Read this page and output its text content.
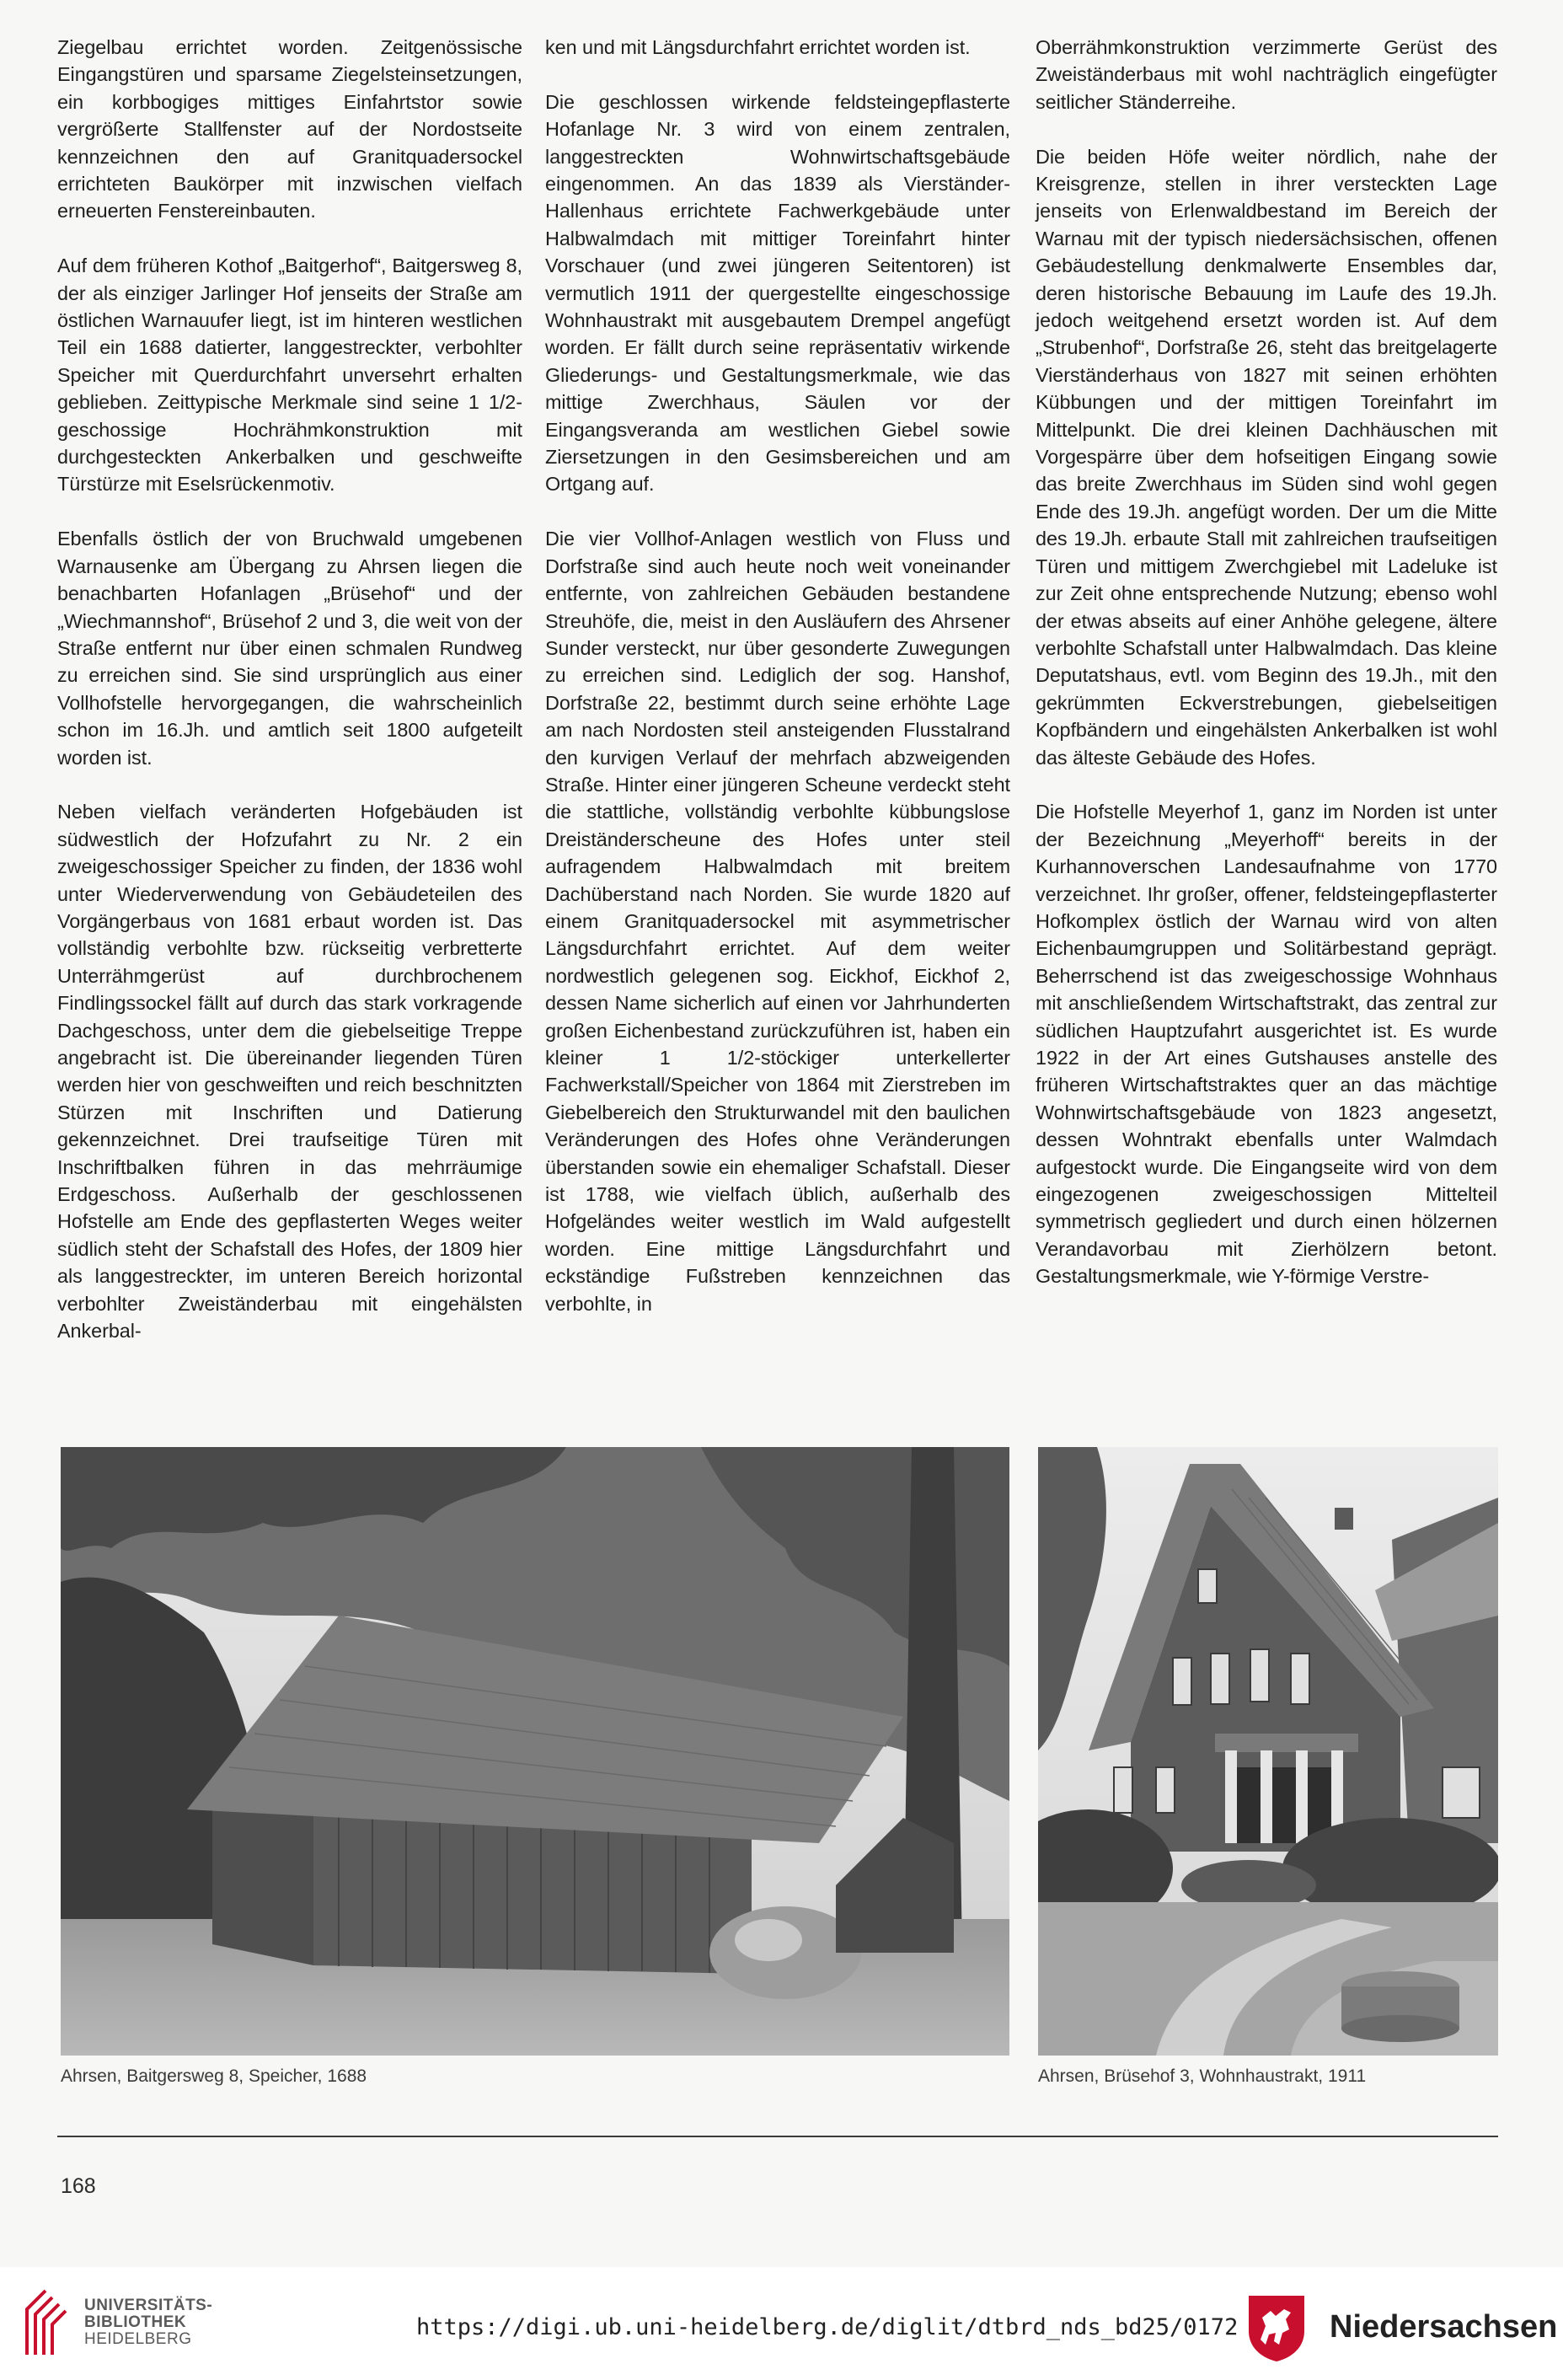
Ziegelbau errichtet worden. Zeitgenössische Eingangstüren und sparsame Ziegelsteinsetzungen, ein korbbogiges mittiges Einfahrtstor sowie vergrößerte Stallfenster auf der Nordostseite kennzeichnen den auf Granitquadersockel errichteten Baukörper mit inzwischen vielfach erneuerten Fenstereinbauten.

Auf dem früheren Kothof „Baitgerhof“, Baitgersweg 8, der als einziger Jarlinger Hof jenseits der Straße am östlichen Warnauufer liegt, ist im hinteren westlichen Teil ein 1688 datierter, langgestreckter, verbohlter Speicher mit Querdurchfahrt unversehrt erhalten geblieben. Zeittypische Merkmale sind seine 1 1/2-geschossige Hochrähmkonstruktion mit durchgesteckten Ankerbalken und geschweifte Türstürze mit Eselsrückenmotiv.

Ebenfalls östlich der von Bruchwald umgebenen Warnausenke am Übergang zu Ahrsen liegen die benachbarten Hofanlagen „Brüsehof“ und der „Wiechmannshof“, Brüsehof 2 und 3, die weit von der Straße entfernt nur über einen schmalen Rundweg zu erreichen sind. Sie sind ursprünglich aus einer Vollhofstelle hervorgegangen, die wahrscheinlich schon im 16.Jh. und amtlich seit 1800 aufgeteilt worden ist.

Neben vielfach veränderten Hofgebäuden ist südwestlich der Hofzufahrt zu Nr. 2 ein zweigeschossiger Speicher zu finden, der 1836 wohl unter Wiederverwendung von Gebäudeteilen des Vorgängerbaus von 1681 erbaut worden ist. Das vollständig verbohlte bzw. rückseitig verbretterte Unterrähmgerüst auf durchbrochenem Findlingssockel fällt auf durch das stark vorkragende Dachgeschoss, unter dem die giebelseitige Treppe angebracht ist. Die übereinander liegenden Türen werden hier von geschweiften und reich beschnitzten Stürzen mit Inschriften und Datierung gekennzeichnet. Drei traufseitige Türen mit Inschriftbalken führen in das mehrräumige Erdgeschoss. Außerhalb der geschlossenen Hofstelle am Ende des gepflasterten Weges weiter südlich steht der Schafstall des Hofes, der 1809 hier als langgestreckter, im unteren Bereich horizontal verbohlter Zweiständerbau mit eingehälsten Ankerbal-

ken und mit Längsdurchfahrt errichtet worden ist.

Die geschlossen wirkende feldsteingepflasterte Hofanlage Nr. 3 wird von einem zentralen, langgestreckten Wohnwirtschaftsgebäude eingenommen. An das 1839 als Vierständer-Hallenhaus errichtete Fachwerkgebäude unter Halbwalmdach mit mittiger Toreinfahrt hinter Vorschauer (und zwei jüngeren Seitentoren) ist vermutlich 1911 der quergestellte eingeschossige Wohnhaustrakt mit ausgebautem Drempel angefügt worden. Er fällt durch seine repräsentativ wirkende Gliederungs- und Gestaltungsmerkmale, wie das mittige Zwerchhaus, Säulen vor der Eingangsveranda am westlichen Giebel sowie Ziersetzungen in den Gesimsbereichen und am Ortgang auf.

Die vier Vollhof-Anlagen westlich von Fluss und Dorfstraße sind auch heute noch weit voneinander entfernte, von zahlreichen Gebäuden bestandene Streuhöfe, die, meist in den Ausläufern des Ahrsener Sunder versteckt, nur über gesonderte Zuwegungen zu erreichen sind. Lediglich der sog. Hanshof, Dorfstraße 22, bestimmt durch seine erhöhte Lage am nach Nordosten steil ansteigenden Flusstalrand den kurvigen Verlauf der mehrfach abzweigenden Straße. Hinter einer jüngeren Scheune verdeckt steht die stattliche, vollständig verbohlte kübbungslose Dreiständerscheune des Hofes unter steil aufragendem Halbwalmdach mit breitem Dachüberstand nach Norden. Sie wurde 1820 auf einem Granitquadersockel mit asymmetrischer Längsdurchfahrt errichtet. Auf dem weiter nordwestlich gelegenen sog. Eickhof, Eickhof 2, dessen Name sicherlich auf einen vor Jahrhunderten großen Eichenbestand zurückzuführen ist, haben ein kleiner 1 1/2-stöckiger unterkellerter Fachwerkstall/Speicher von 1864 mit Zierstreben im Giebelbereich den Strukturwandel mit den baulichen Veränderungen des Hofes ohne Veränderungen überstanden sowie ein ehemaliger Schafstall. Dieser ist 1788, wie vielfach üblich, außerhalb des Hofgeländes weiter westlich im Wald aufgestellt worden. Eine mittige Längsdurchfahrt und eckständige Fußstreben kennzeichnen das verbohlte, in

Oberrähmkonstruktion verzimmerte Gerüst des Zweiständerbaus mit wohl nachträglich eingefügter seitlicher Ständerreihe.

Die beiden Höfe weiter nördlich, nahe der Kreisgrenze, stellen in ihrer versteckten Lage jenseits von Erlenwaldbestand im Bereich der Warnau mit der typisch niedersächsischen, offenen Gebäudestellung denkmalwerte Ensembles dar, deren historische Bebauung im Laufe des 19.Jh. jedoch weitgehend ersetzt worden ist. Auf dem „Strubenhof“, Dorfstraße 26, steht das breitgelagerte Vierständerhaus von 1827 mit seinen erhöhten Kübbungen und der mittigen Toreinfahrt im Mittelpunkt. Die drei kleinen Dachhäuschen mit Vorgespärre über dem hofseitigen Eingang sowie das breite Zwerchhaus im Süden sind wohl gegen Ende des 19.Jh. angefügt worden. Der um die Mitte des 19.Jh. erbaute Stall mit zahlreichen traufseitigen Türen und mittigem Zwerchgiebel mit Ladeluke ist zur Zeit ohne entsprechende Nutzung; ebenso wohl der etwas abseits auf einer Anhöhe gelegene, ältere verbohlte Schafstall unter Halbwalmdach. Das kleine Deputatshaus, evtl. vom Beginn des 19.Jh., mit den gekrümmten Eckverstrebungen, giebelseitigen Kopfbändern und eingehälsten Ankerbalken ist wohl das älteste Gebäude des Hofes.

Die Hofstelle Meyerhof 1, ganz im Norden ist unter der Bezeichnung „Meyerhoff“ bereits in der Kurhannoverschen Landesaufnahme von 1770 verzeichnet. Ihr großer, offener, feldsteingepflasterter Hofkomplex östlich der Warnau wird von alten Eichenbaumgruppen und Solitärbestand geprägt. Beherrschend ist das zweigeschossige Wohnhaus mit anschließendem Wirtschaftstrakt, das zentral zur südlichen Hauptzufahrt ausgerichtet ist. Es wurde 1922 in der Art eines Gutshauses anstelle des früheren Wirtschaftstraktes quer an das mächtige Wohnwirtschaftsgebäude von 1823 angesetzt, dessen Wohntrakt ebenfalls unter Walmdach aufgestockt wurde. Die Eingangseite wird von dem eingezogenen zweigeschossigen Mittelteil symmetrisch gegliedert und durch einen hölzernen Verandavorbau mit Zierhölzern betont. Gestaltungsmerkmale, wie Y-förmige Verstre-

Ahrsen, Baitgersweg 8, Speicher, 1688	Ahrsen, Brüsehof 3, Wohnhaustrakt, 1911
168
UNIVERSITÄTS-
BIBLIOTHEK
HEIDELBERG	https://digi.ub.uni-heidelberg.de/diglit/dtbrd_nds_bd25/0172	Niedersachsen
